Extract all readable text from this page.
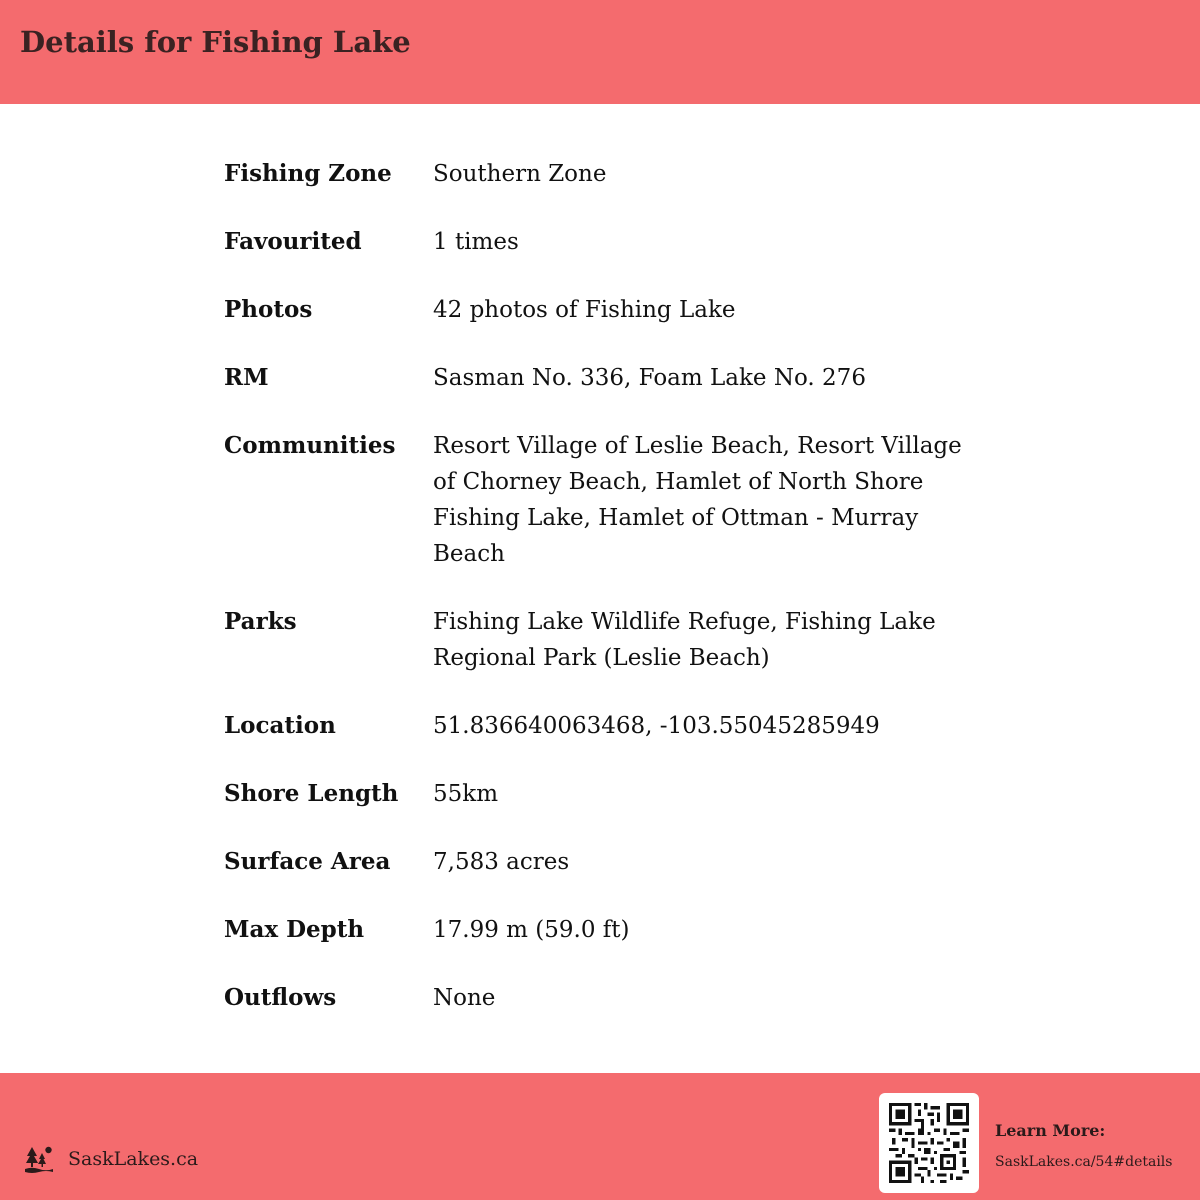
Details for Fishing Lake
Fishing Zone	Southern Zone
Favourited	1 times
Photos	42 photos of Fishing Lake
RM	Sasman No. 336, Foam Lake No. 276
Communities	Resort Village of Leslie Beach, Resort Village of Chorney Beach, Hamlet of North Shore Fishing Lake, Hamlet of Ottman - Murray Beach
Parks	Fishing Lake Wildlife Refuge, Fishing Lake Regional Park (Leslie Beach)
Location	51.836640063468, -103.55045285949
Shore Length	55km
Surface Area	7,583 acres
Max Depth	17.99 m (59.0 ft)
Outflows	None
SaskLakes.ca
Learn More:
SaskLakes.ca/54#details
